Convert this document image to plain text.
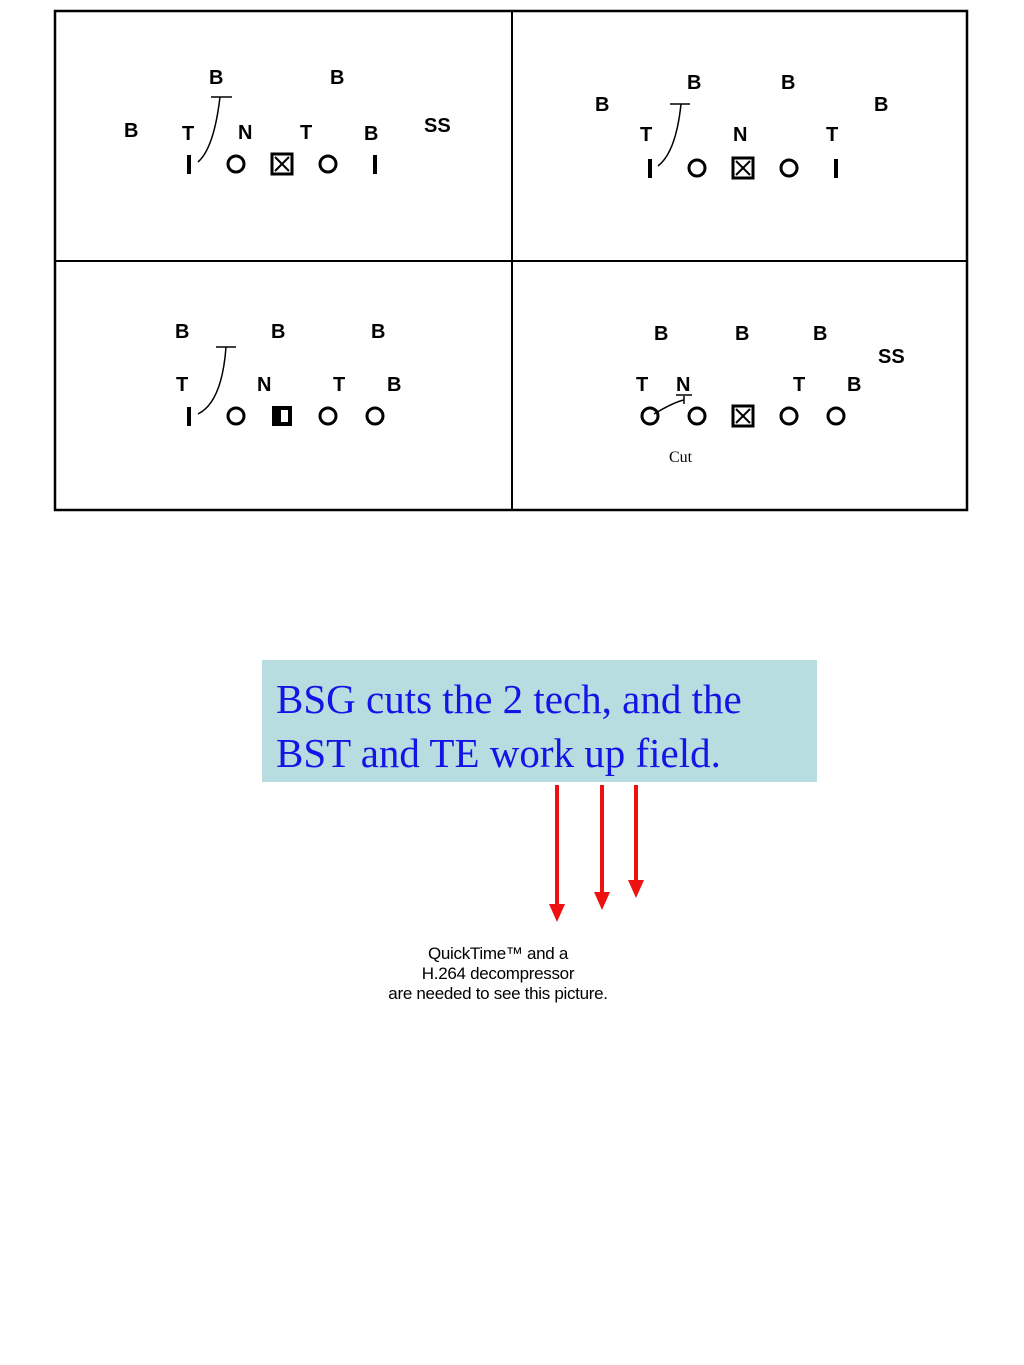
B	B
B T N T	B SS
B	B
B	B
T	N	T
B	B	B
T	N	T B
B	B	B
SS
T N	T B
Cut
BSG cuts the 2 tech, and the
BST and TE work up field.
QuickTime™ and a
H.264 decompressor
are needed to see this picture.
